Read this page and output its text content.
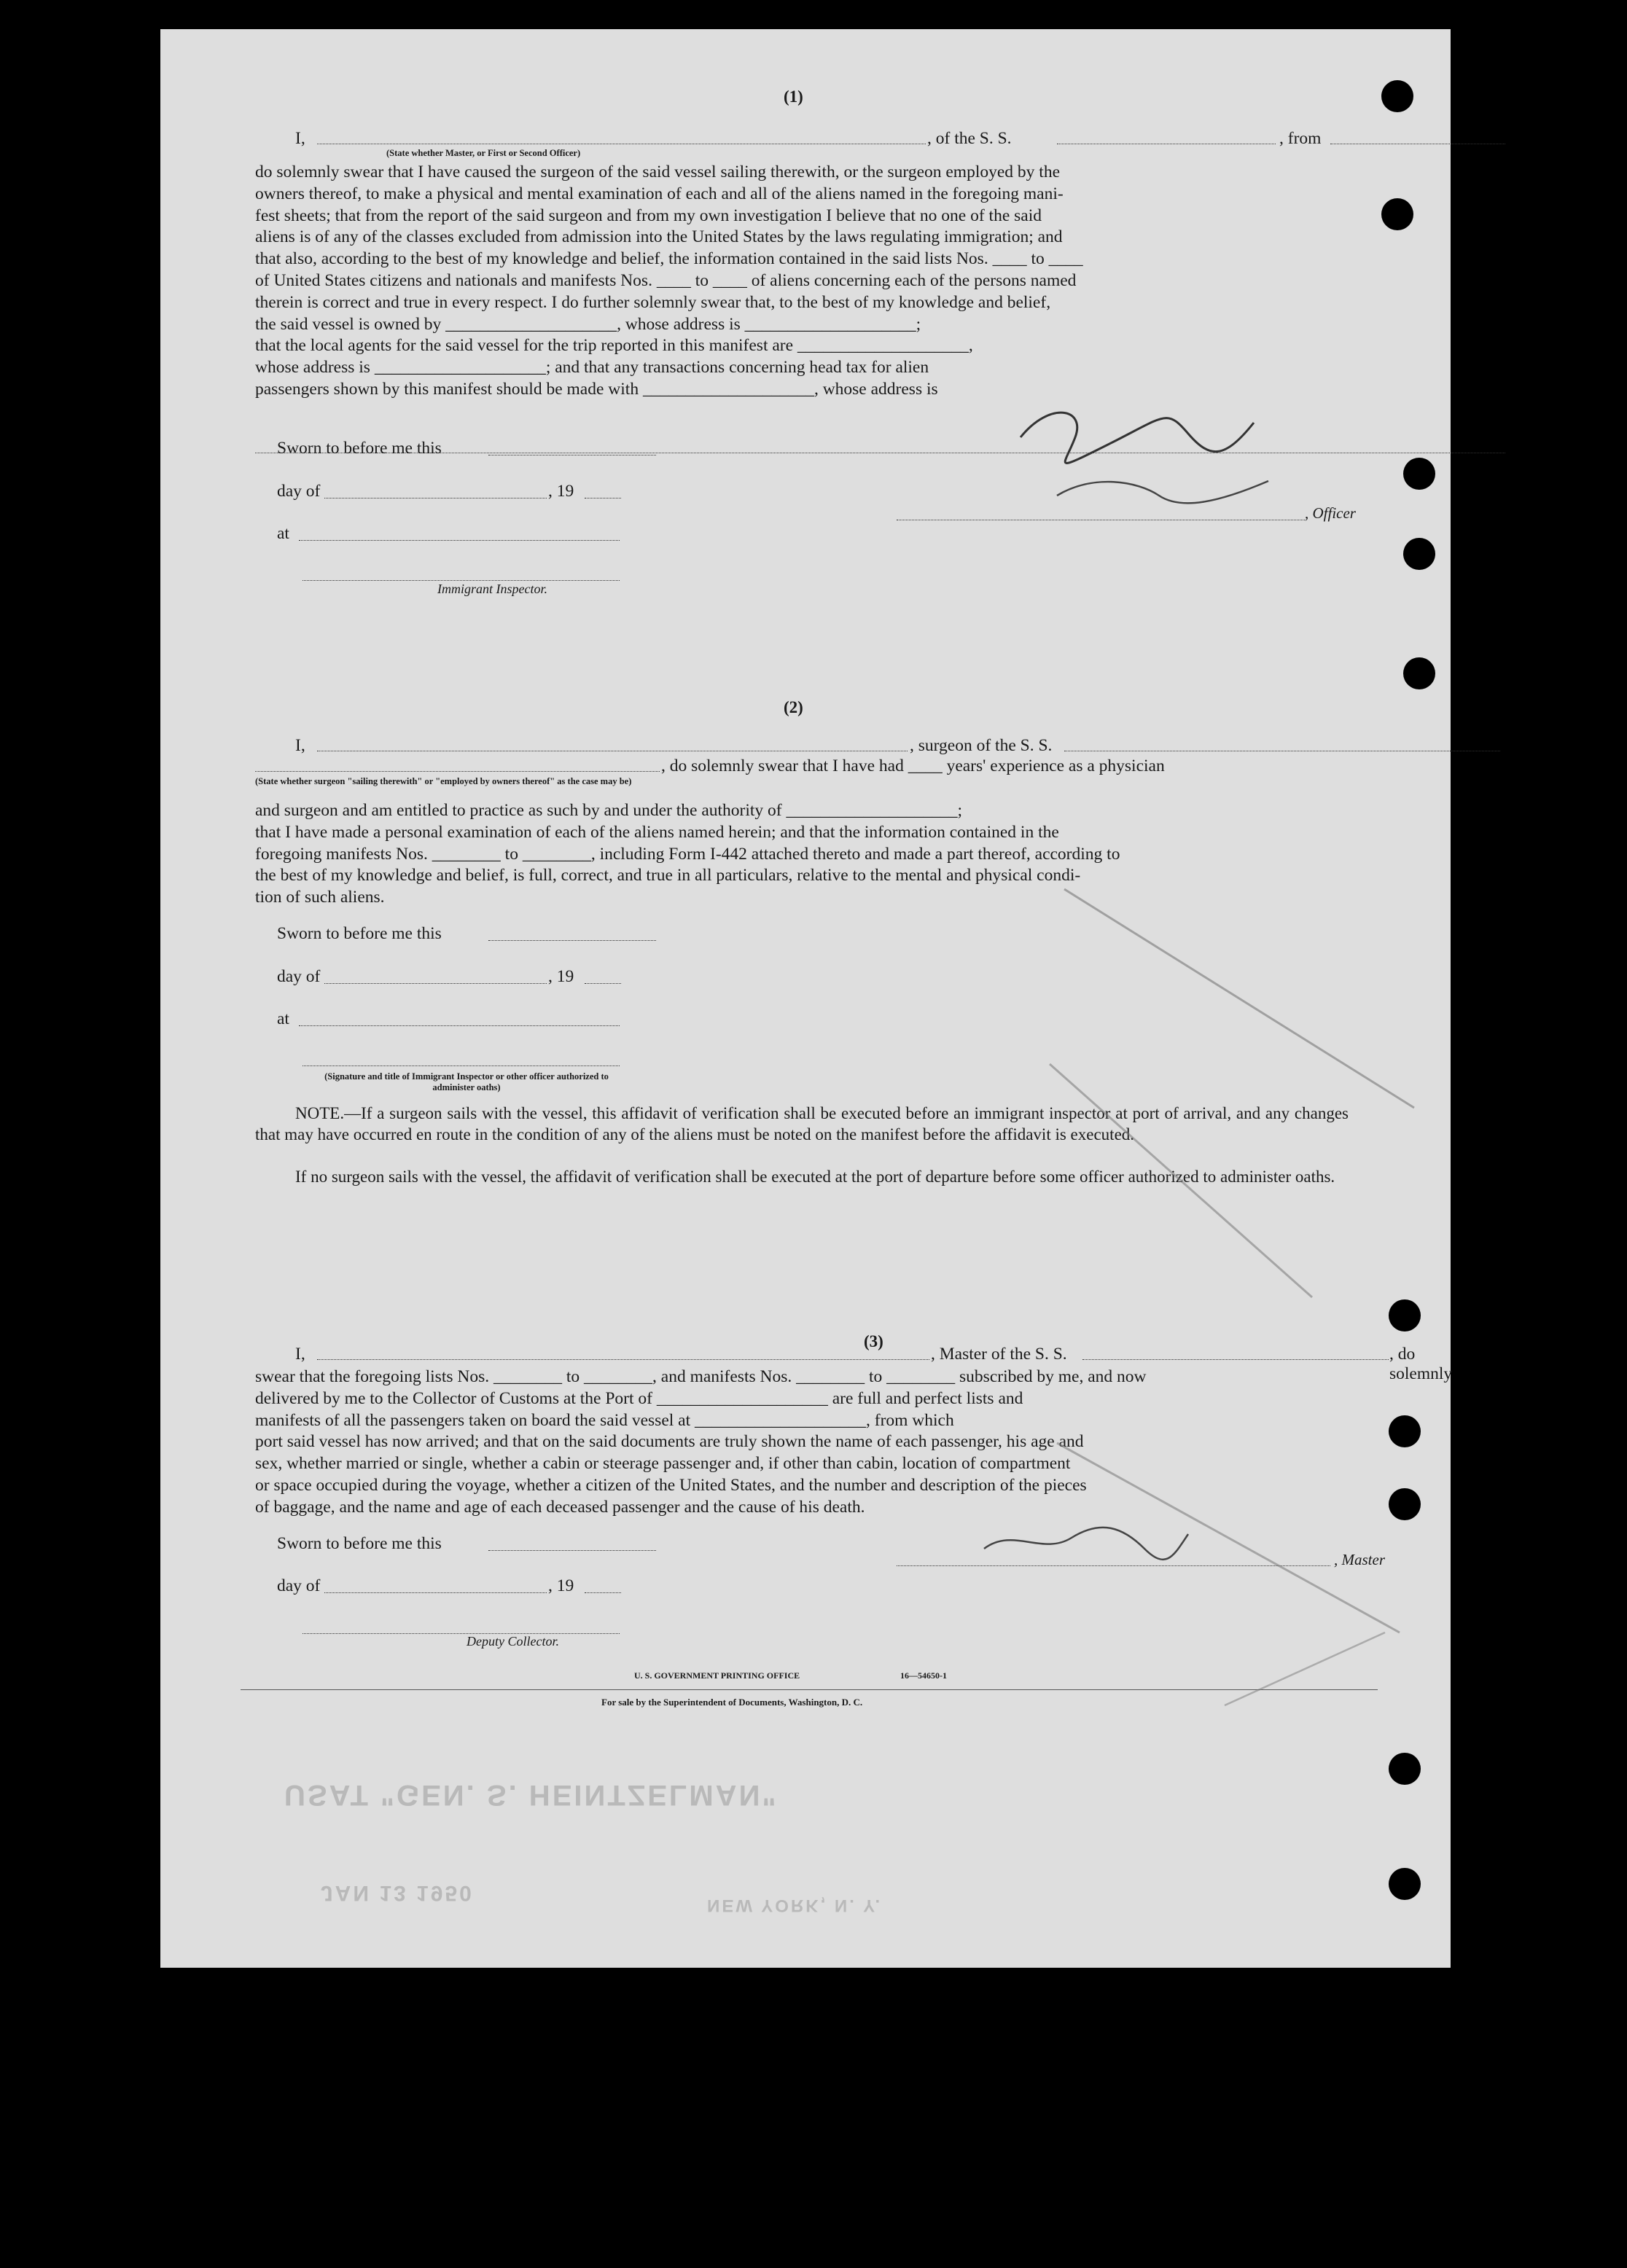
(1)
I,	, of the S. S.	, from
(State whether Master, or First or Second Officer)
do solemnly swear that I have caused the surgeon of the said vessel sailing therewith, or the surgeon employed by the
owners thereof, to make a physical and mental examination of each and all of the aliens named in the foregoing mani-
fest sheets; that from the report of the said surgeon and from my own investigation I believe that no one of the said
aliens is of any of the classes excluded from admission into the United States by the laws regulating immigration; and
that also, according to the best of my knowledge and belief, the information contained in the said lists Nos. ____ to ____
of United States citizens and nationals and manifests Nos. ____ to ____ of aliens concerning each of the persons named
therein is correct and true in every respect. I do further solemnly swear that, to the best of my knowledge and belief,
the said vessel is owned by ____________________, whose address is ____________________;
that the local agents for the said vessel for the trip reported in this manifest are ____________________,
whose address is ____________________; and that any transactions concerning head tax for alien
passengers shown by this manifest should be made with ____________________, whose address is
Sworn to before me this
day of	, 19
at
Immigrant Inspector.
, Officer
(2)
I,	, surgeon of the S. S.
, do solemnly swear that I have had ____ years' experience as a physician
(State whether surgeon "sailing therewith" or "employed by owners thereof" as the case may be)
and surgeon and am entitled to practice as such by and under the authority of ____________________;
that I have made a personal examination of each of the aliens named herein; and that the information contained in the
foregoing manifests Nos. ________ to ________, including Form I-442 attached thereto and made a part thereof, according to
the best of my knowledge and belief, is full, correct, and true in all particulars, relative to the mental and physical condi-
tion of such aliens.
Sworn to before me this
day of	, 19
at
(Signature and title of Immigrant Inspector or other officer authorized to administer oaths)
NOTE.—If a surgeon sails with the vessel, this affidavit of verification shall be executed before an immigrant inspector at port of arrival, and any changes that may have occurred en route in the condition of any of the aliens must be noted on the manifest before the affidavit is executed.
If no surgeon sails with the vessel, the affidavit of verification shall be executed at the port of departure before some officer authorized to administer oaths.
(3)
I,	, Master of the S. S.	, do solemnly
swear that the foregoing lists Nos. ________ to ________, and manifests Nos. ________ to ________ subscribed by me, and now
delivered by me to the Collector of Customs at the Port of ____________________ are full and perfect lists and
manifests of all the passengers taken on board the said vessel at ____________________, from which
port said vessel has now arrived; and that on the said documents are truly shown the name of each passenger, his age and
sex, whether married or single, whether a cabin or steerage passenger and, if other than cabin, location of compartment
or space occupied during the voyage, whether a citizen of the United States, and the number and description of the pieces
of baggage, and the name and age of each deceased passenger and the cause of his death.
Sworn to before me this
day of	, 19
Deputy Collector.
, Master
U. S. GOVERNMENT PRINTING OFFICE	16—54650-1
For sale by the Superintendent of Documents, Washington, D. C.
USAT "GEN. S. HEINTZELMAN"
JAN 13 1950
NEW YORK, N. Y.
